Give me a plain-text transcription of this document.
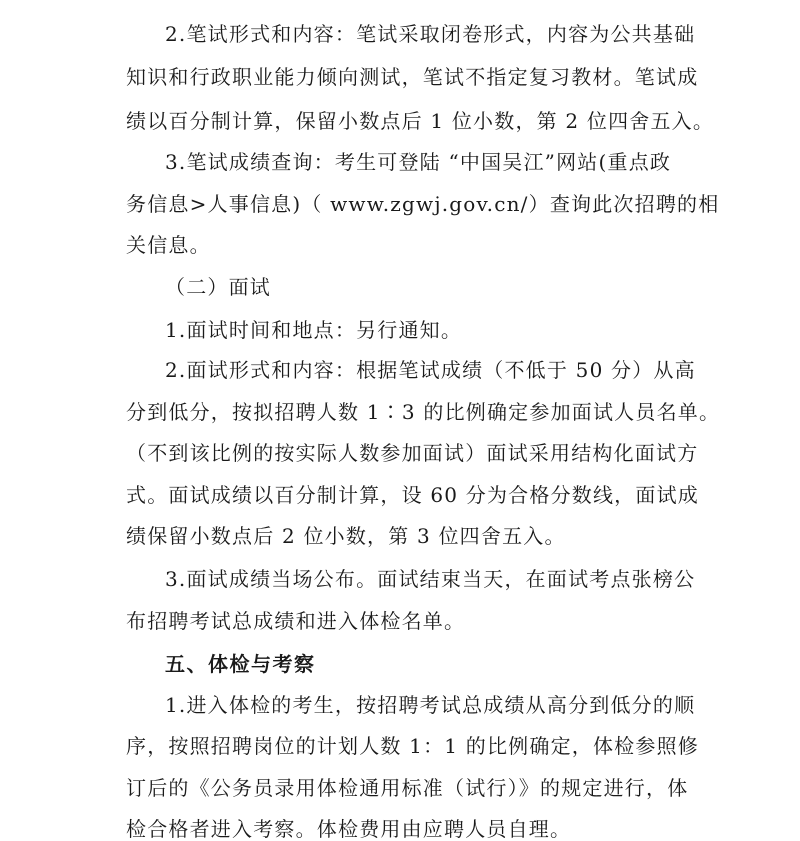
2.笔试形式和内容：笔试采取闭卷形式，内容为公共基础
知识和行政职业能力倾向测试，笔试不指定复习教材。笔试成
绩以百分制计算，保留小数点后 1 位小数，第 2 位四舍五入。
3.笔试成绩查询：考生可登陆 “中国吴江”网站(重点政
务信息>人事信息)（ www.zgwj.gov.cn/）查询此次招聘的相
关信息。
（二）面试
1.面试时间和地点：另行通知。
2.面试形式和内容：根据笔试成绩（不低于 50 分）从高
分到低分，按拟招聘人数 1∶3 的比例确定参加面试人员名单。
（不到该比例的按实际人数参加面试）面试采用结构化面试方
式。面试成绩以百分制计算，设 60 分为合格分数线，面试成
绩保留小数点后 2 位小数，第 3 位四舍五入。
3.面试成绩当场公布。面试结束当天，在面试考点张榜公
布招聘考试总成绩和进入体检名单。
五、体检与考察
1.进入体检的考生，按招聘考试总成绩从高分到低分的顺
序，按照招聘岗位的计划人数 1：1 的比例确定，体检参照修
订后的《公务员录用体检通用标准（试行）》的规定进行，体
检合格者进入考察。体检费用由应聘人员自理。
